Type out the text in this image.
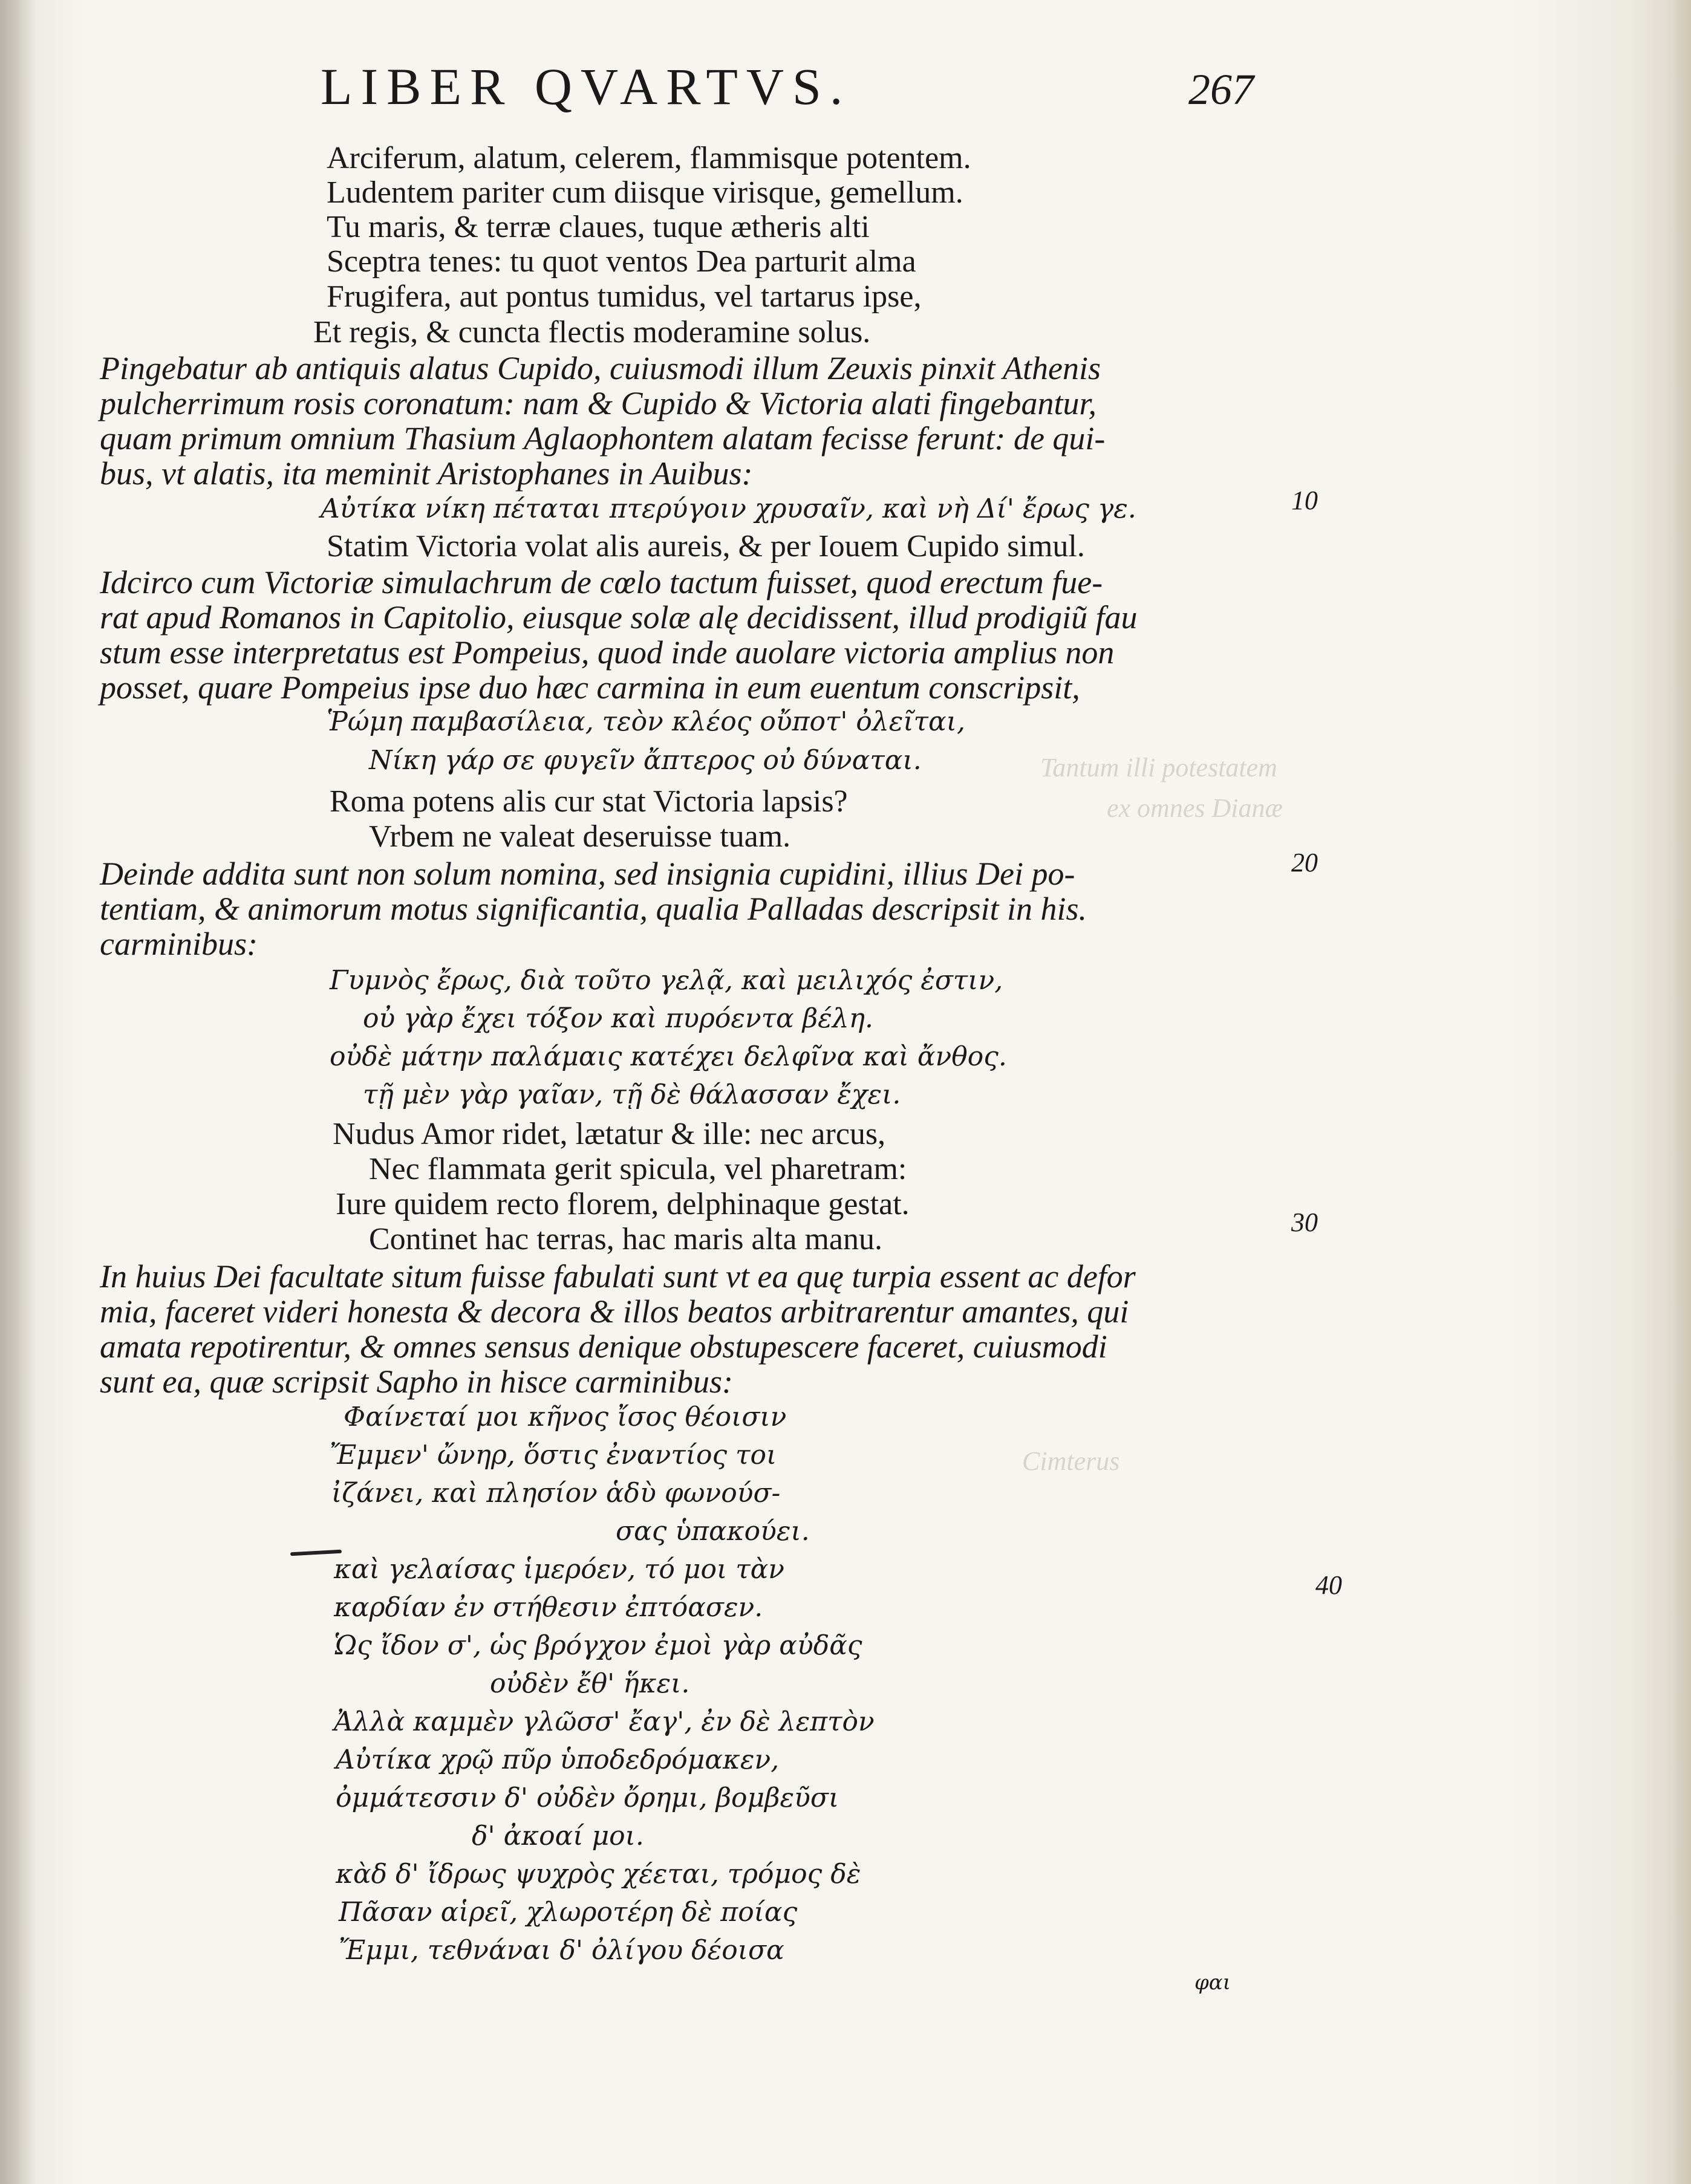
Tantum illi potestatem
ex omnes Dianæ
Cimterus
LIBER QVARTVS.	267
Arciferum, alatum, celerem, flammisque potentem.
Ludentem pariter cum diisque virisque, gemellum.
Tu maris, & terræ claues, tuque ætheris alti
Sceptra tenes: tu quot ventos Dea parturit alma
Frugifera, aut pontus tumidus, vel tartarus ipse,
Et regis, & cuncta flectis moderamine solus.
Pingebatur ab antiquis alatus Cupido, cuiusmodi illum Zeuxis pinxit Athenis
pulcherrimum rosis coronatum: nam & Cupido & Victoria alati fingebantur,
quam primum omnium Thasium Aglaophontem alatam fecisse ferunt: de qui-
bus, vt alatis, ita meminit Aristophanes in Auibus:
Αὐτίκα νίκη πέταται πτερύγοιν χρυσαῖν, καὶ νὴ Δί' ἔρως γε.
Statim Victoria volat alis aureis, & per Iouem Cupido simul.
Idcirco cum Victoriæ simulachrum de cœlo tactum fuisset, quod erectum fue-
rat apud Romanos in Capitolio, eiusque solæ alę decidissent, illud prodigiũ fau
stum esse interpretatus est Pompeius, quod inde auolare victoria amplius non
posset, quare Pompeius ipse duo hæc carmina in eum euentum conscripsit,
Ῥώμη παμβασίλεια, τεὸν κλέος οὔποτ' ὀλεῖται,
Νίκη γάρ σε φυγεῖν ἄπτερος οὐ δύναται.
Roma potens alis cur stat Victoria lapsis?
Vrbem ne valeat deseruisse tuam.
Deinde addita sunt non solum nomina, sed insignia cupidini, illius Dei po-
tentiam, & animorum motus significantia, qualia Palladas descripsit in his.
carminibus:
Γυμνὸς ἔρως, διὰ τοῦτο γελᾷ, καὶ μειλιχός ἐστιν,
οὐ γὰρ ἔχει τόξον καὶ πυρόεντα βέλη.
οὐδὲ μάτην παλάμαις κατέχει δελφῖνα καὶ ἄνθος.
τῇ μὲν γὰρ γαῖαν, τῇ δὲ θάλασσαν ἔχει.
Nudus Amor ridet, lætatur & ille: nec arcus,
Nec flammata gerit spicula, vel pharetram:
Iure quidem recto florem, delphinaque gestat.
Continet hac terras, hac maris alta manu.
In huius Dei facultate situm fuisse fabulati sunt vt ea quę turpia essent ac defor
mia, faceret videri honesta & decora & illos beatos arbitrarentur amantes, qui
amata repotirentur, & omnes sensus denique obstupescere faceret, cuiusmodi
sunt ea, quæ scripsit Sapho in hisce carminibus:
Φαίνεταί μοι κῆνος ἴσος θέοισιν
Ἔμμεν' ὤνηρ, ὅστις ἐναντίος τοι
ἰζάνει, καὶ πλησίον ἁδὺ φωνούσ-
σας ὑπακούει.
καὶ γελαίσας ἱμερόεν, τό μοι τὰν
καρδίαν ἐν στήθεσιν ἐπτόασεν.
Ὡς ἴδον σ', ὡς βρόγχον ἐμοὶ γὰρ αὐδᾶς
οὐδὲν ἔθ' ἥκει.
Ἀλλὰ καμμὲν γλῶσσ' ἔαγ', ἐν δὲ λεπτὸν
Αὐτίκα χρῷ πῦρ ὑποδεδρόμακεν,
ὀμμάτεσσιν δ' οὐδὲν ὄρημι, βομβεῦσι
δ' ἀκοαί μοι.
κὰδ δ' ἴδρως ψυχρὸς χέεται, τρόμος δὲ
Πᾶσαν αἱρεῖ, χλωροτέρη δὲ ποίας
Ἔμμι, τεθνάναι δ' ὀλίγου δέοισα
10
20
30
40
φαι
